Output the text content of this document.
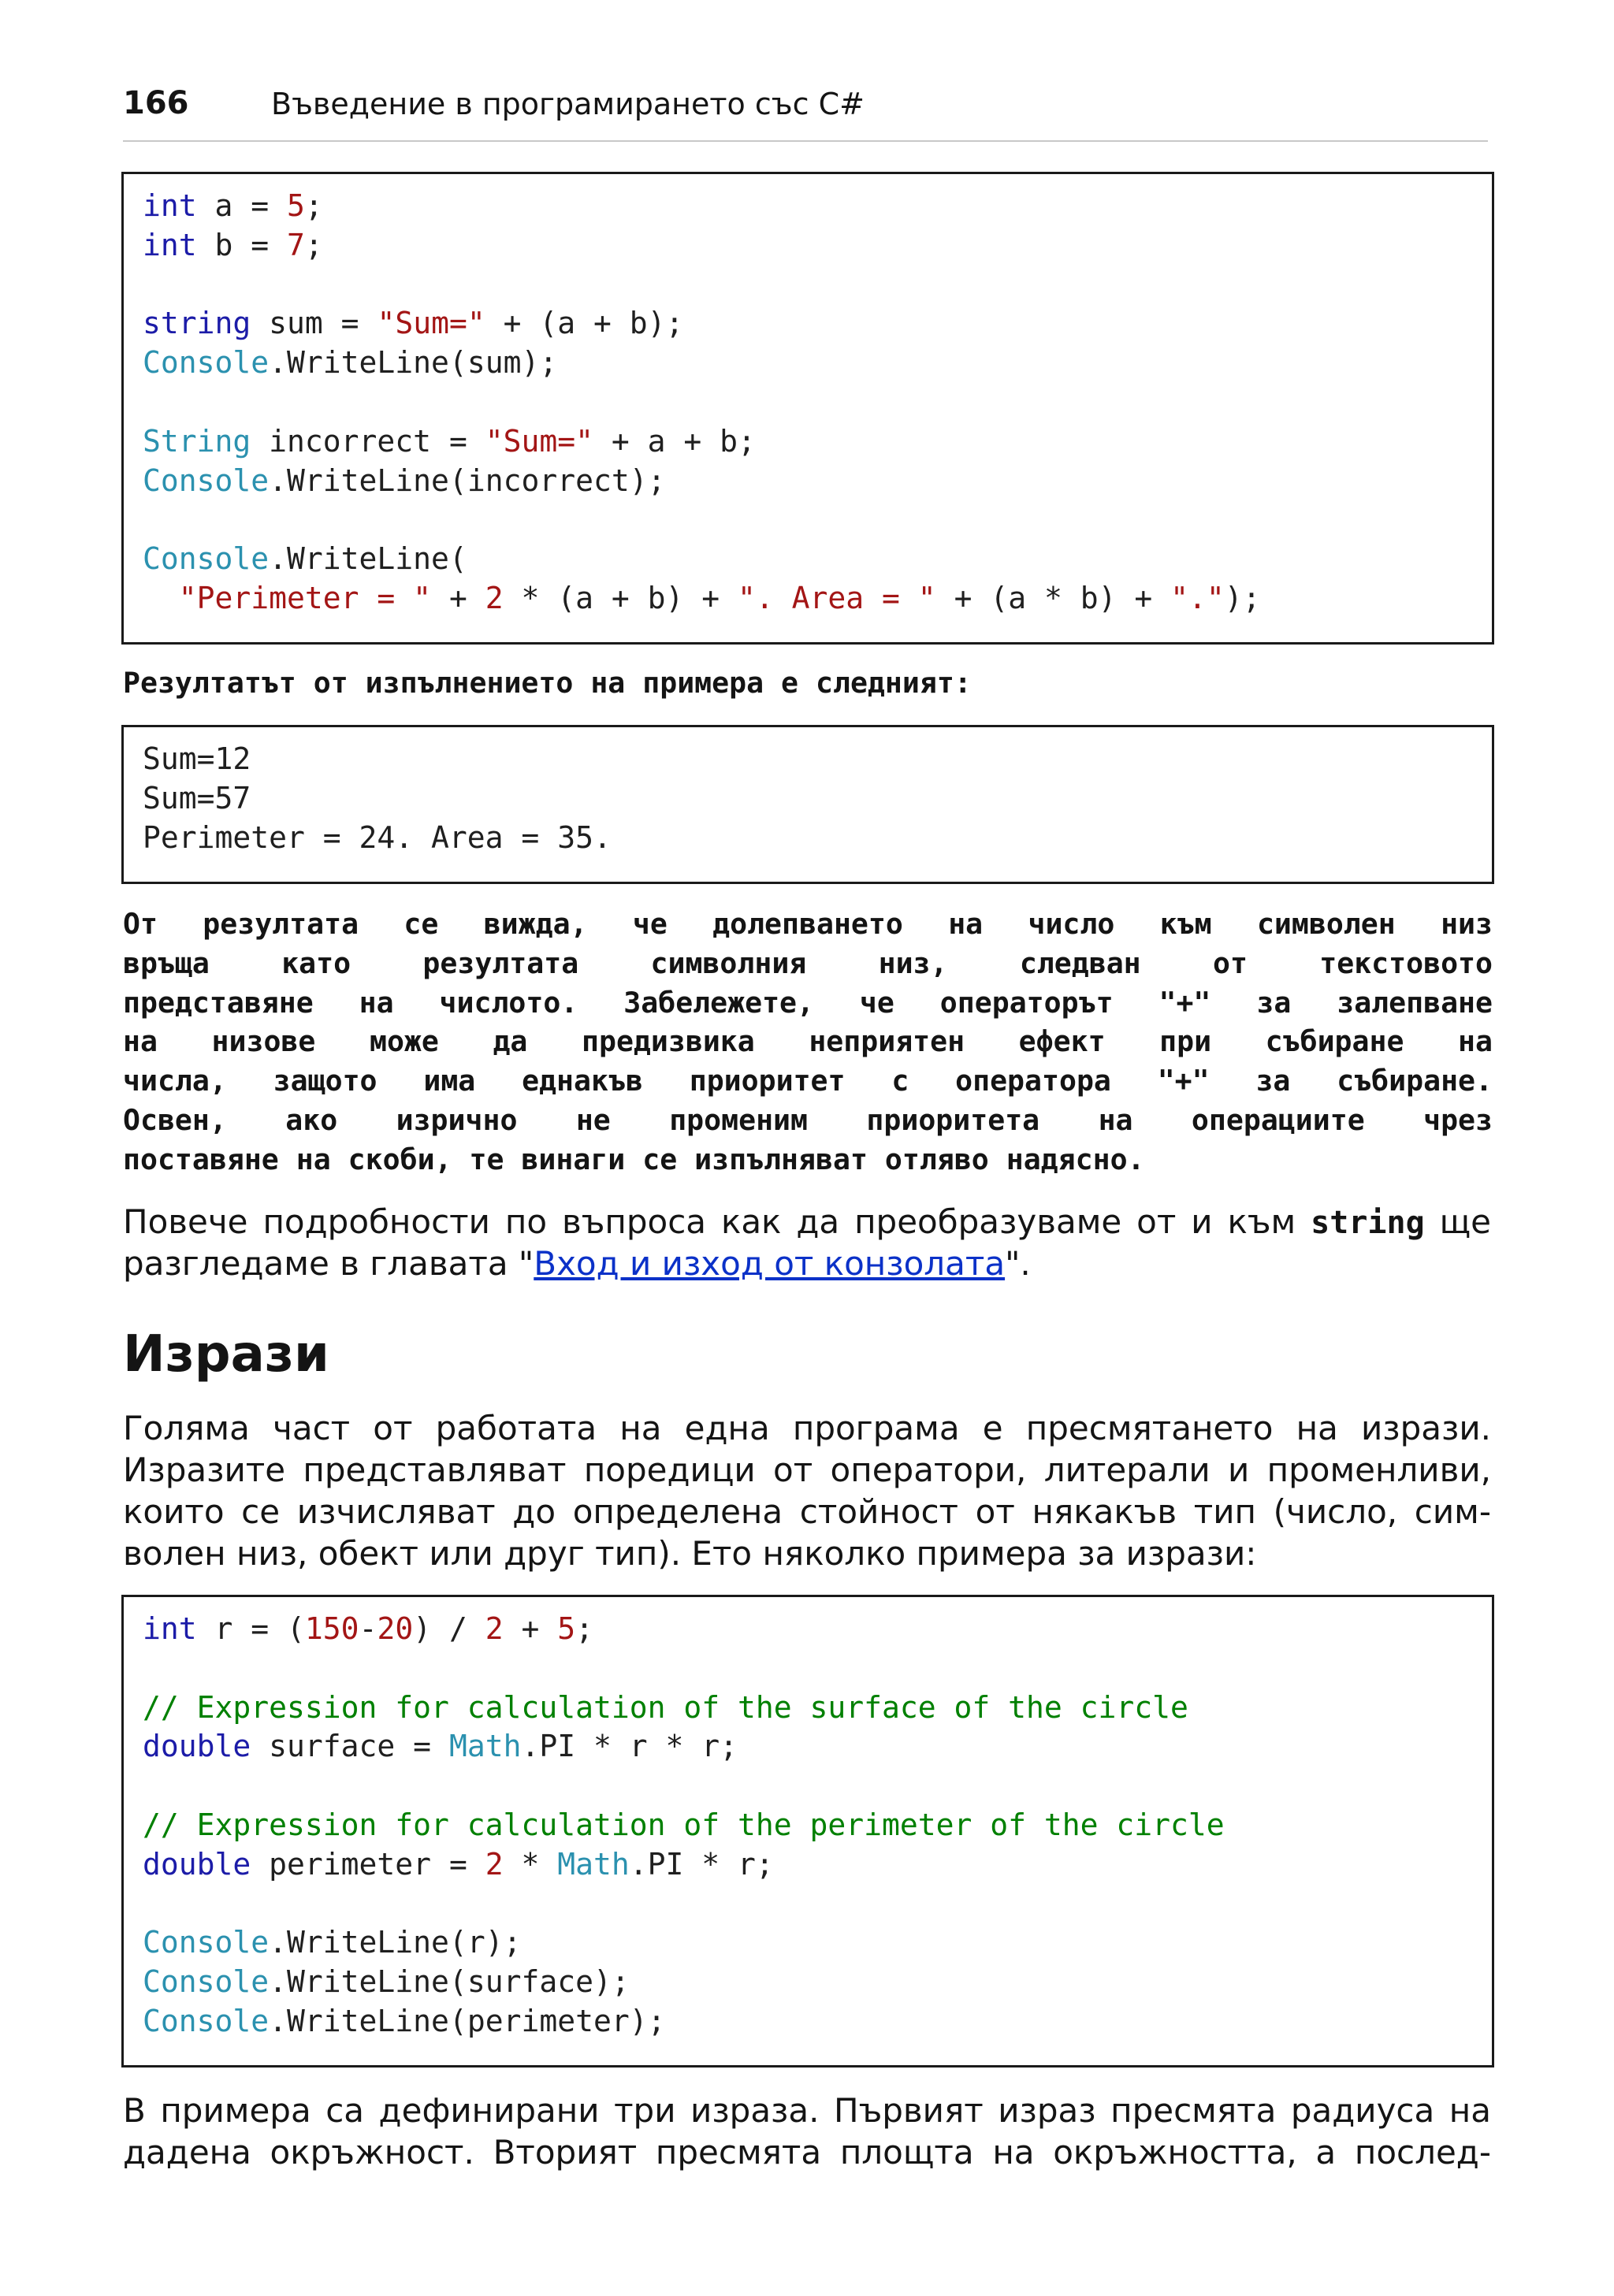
166	Въведение в програмирането със C#
int a = 5;
int b = 7;
string sum = "Sum=" + (a + b);
Console.WriteLine(sum);
String incorrect = "Sum=" + a + b;
Console.WriteLine(incorrect);
Console.WriteLine(
"Perimeter = " + 2 * (a + b) + ". Area = " + (a * b) + ".");
Резултатът от изпълнението на примера е следният:
Sum=12
Sum=57
Perimeter = 24. Area = 35.
От резултата се вижда, че долепването на число към символен низ
връща като резултата символния низ, следван от текстовото
представяне на числото. Забележете, че операторът "+" за залепване
на низове може да предизвика неприятен ефект при събиране на
числа, защото има еднакъв приоритет с оператора "+" за събиране.
Освен, ако изрично не променим приоритета на операциите чрез
поставяне на скоби, те винаги се изпълняват отляво надясно.
Повече подробности по въпроса как да преобразуваме от и към string ще
разгледаме в главата "Вход и изход от конзолата".
Изрази
Голяма част от работата на една програма е пресмятането на изрази.
Изразите представляват поредици от оператори, литерали и променливи,
които се изчисляват до определена стойност от някакъв тип (число, сим-
волен низ, обект или друг тип). Ето няколко примера за изрази:
int r = (150-20) / 2 + 5;
// Expression for calculation of the surface of the circle
double surface = Math.PI * r * r;
// Expression for calculation of the perimeter of the circle
double perimeter = 2 * Math.PI * r;
Console.WriteLine(r);
Console.WriteLine(surface);
Console.WriteLine(perimeter);
В примера са дефинирани три израза. Първият израз пресмята радиуса на
дадена окръжност. Вторият пресмята площта на окръжността, а послед-
